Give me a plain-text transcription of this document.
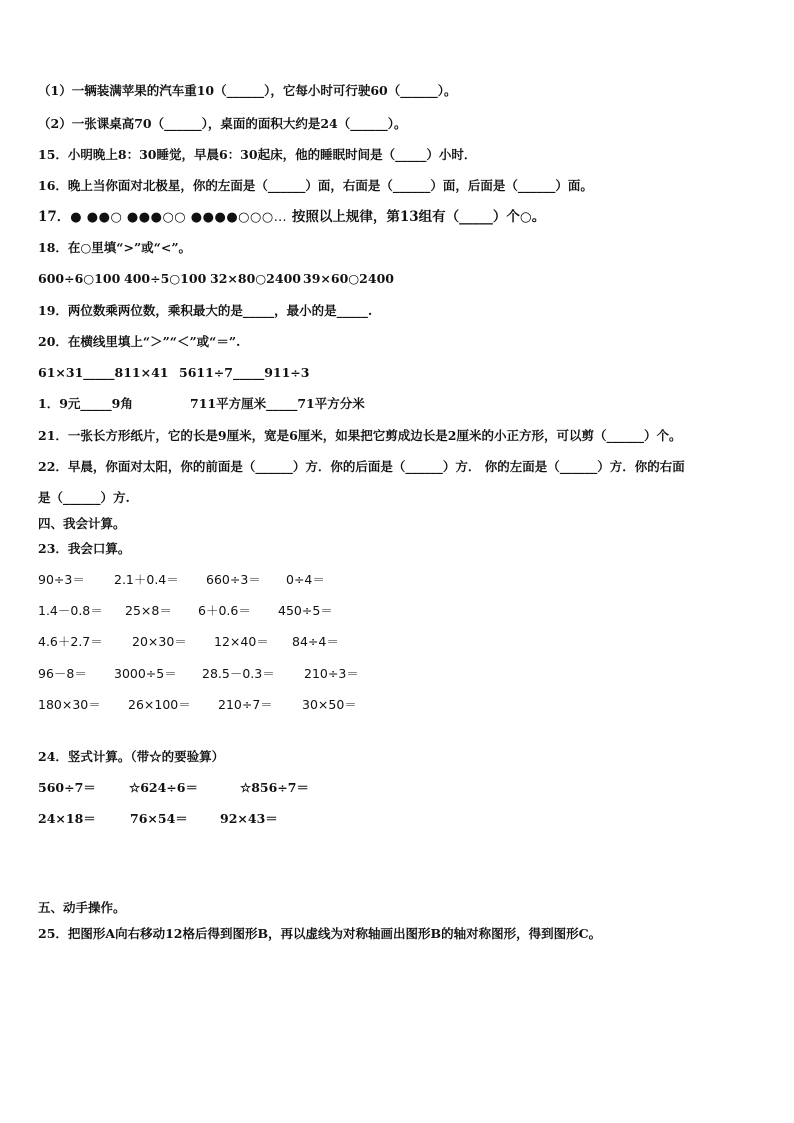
（1）一辆装满苹果的汽车重10（______），它每小时可行驶60（______）。
（2）一张课桌高70（______），桌面的面积大约是24（______）。
15．小明晚上8：30睡觉，早晨6：30起床，他的睡眠时间是（_____）小时．
16．晚上当你面对北极星，你的左面是（______）面，右面是（______）面，后面是（______）面。
17．● ●●○ ●●●○○ ●●●●○○○… 按照以上规律，第13组有（_____）个○。
18．在○里填“>”或“<”。
600÷6○100 400÷5○100 32×80○2400 39×60○2400
19．两位数乘两位数，乘积最大的是_____，最小的是_____.
20．在横线里填上“＞”“＜”或“＝”.
61×31_____811×41 5611÷7_____911÷3
1．9元_____9角	711平方厘米_____71平方分米
21．一张长方形纸片，它的长是9厘米，宽是6厘米，如果把它剪成边长是2厘米的小正方形，可以剪（______）个。
22．早晨，你面对太阳，你的前面是（______）方．你的后面是（______）方． 你的左面是（______）方．你的右面
是（______）方.
四、我会计算。
23．我会口算。
90÷3＝ 2.1＋0.4＝ 660÷3＝ 0÷4＝
1.4－0.8＝ 25×8＝ 6＋0.6＝ 450÷5＝
4.6＋2.7＝ 20×30＝ 12×40＝ 84÷4＝
96－8＝ 3000÷5＝ 28.5－0.3＝ 210÷3＝
180×30＝ 26×100＝ 210÷7＝ 30×50＝
24．竖式计算。（带☆的要验算）
560÷7＝	☆624÷6＝	☆856÷7＝
24×18＝	76×54＝	92×43＝
五、动手操作。
25．把图形A向右移动12格后得到图形B，再以虚线为对称轴画出图形B的轴对称图形，得到图形C。
